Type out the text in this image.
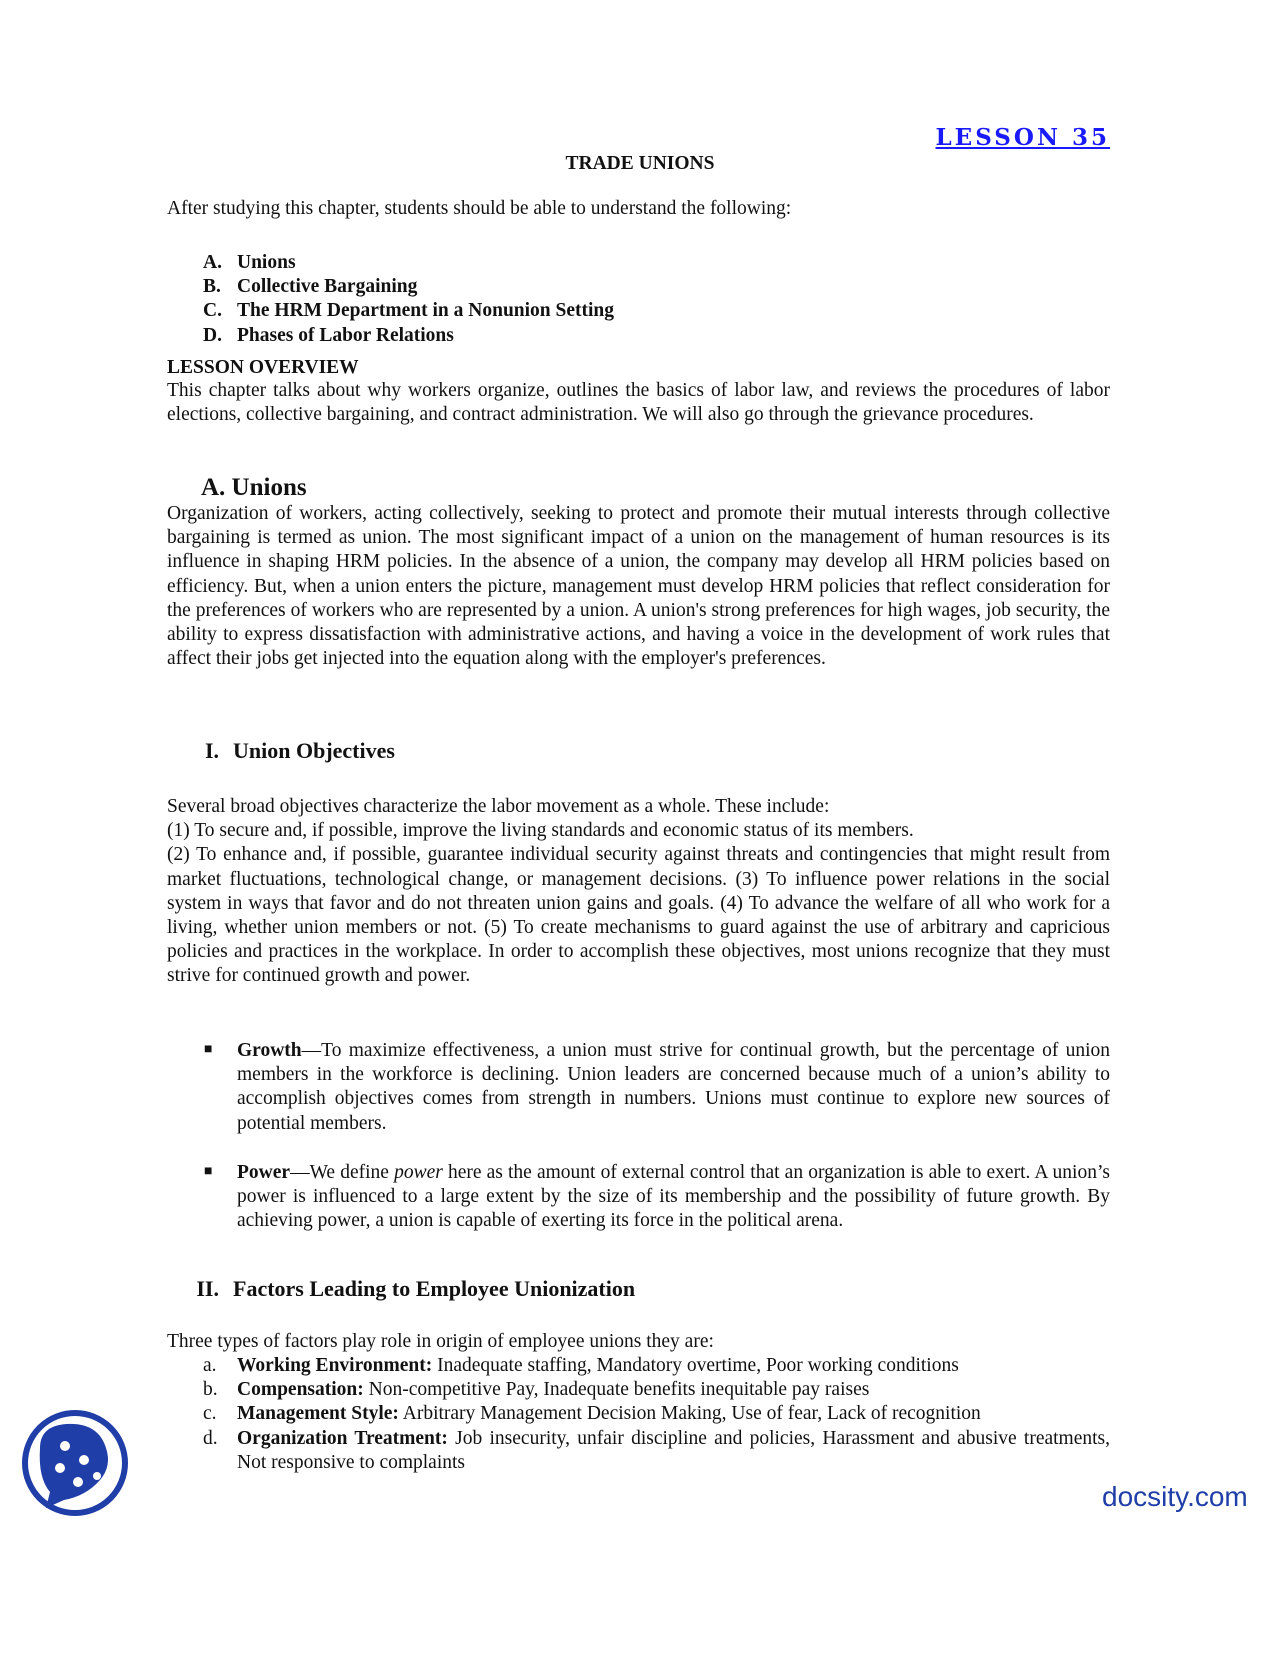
LESSON 35
TRADE UNIONS

After studying this chapter, students should be able to understand the following:

A. Unions
B. Collective Bargaining
C. The HRM Department in a Nonunion Setting
D. Phases of Labor Relations
LESSON OVERVIEW

This chapter talks about why workers organize, outlines the basics of labor law, and reviews the procedures of labor elections, collective bargaining, and contract administration. We will also go through the grievance procedures.

A. Unions

Organization of workers, acting collectively, seeking to protect and promote their mutual interests through collective bargaining is termed as union. The most significant impact of a union on the management of human resources is its influence in shaping HRM policies. In the absence of a union, the company may develop all HRM policies based on efficiency. But, when a union enters the picture, management must develop HRM policies that reflect consideration for the preferences of workers who are represented by a union. A union's strong preferences for high wages, job security, the ability to express dissatisfaction with administrative actions, and having a voice in the development of work rules that affect their jobs get injected into the equation along with the employer's preferences.

I. Union Objectives

Several broad objectives characterize the labor movement as a whole. These include:

(1) To secure and, if possible, improve the living standards and economic status of its members.

(2) To enhance and, if possible, guarantee individual security against threats and contingencies that might result from market fluctuations, technological change, or management decisions. (3) To influence power relations in the social system in ways that favor and do not threaten union gains and goals. (4) To advance the welfare of all who work for a living, whether union members or not. (5) To create mechanisms to guard against the use of arbitrary and capricious policies and practices in the workplace. In order to accomplish these objectives, most unions recognize that they must strive for continued growth and power.

■ Growth—To maximize effectiveness, a union must strive for continual growth, but the percentage of union members in the workforce is declining. Union leaders are concerned because much of a union’s ability to accomplish objectives comes from strength in numbers. Unions must continue to explore new sources of potential members.

■ Power—We define power here as the amount of external control that an organization is able to exert. A union’s power is influenced to a large extent by the size of its membership and the possibility of future growth. By achieving power, a union is capable of exerting its force in the political arena.

II. Factors Leading to Employee Unionization

Three types of factors play role in origin of employee unions they are:

a. Working Environment: Inadequate staffing, Mandatory overtime, Poor working conditions
b. Compensation: Non-competitive Pay, Inadequate benefits inequitable pay raises
c. Management Style: Arbitrary Management Decision Making, Use of fear, Lack of recognition
d. Organization Treatment: Job insecurity, unfair discipline and policies, Harassment and abusive treatments, Not responsive to complaints
docsity.com
